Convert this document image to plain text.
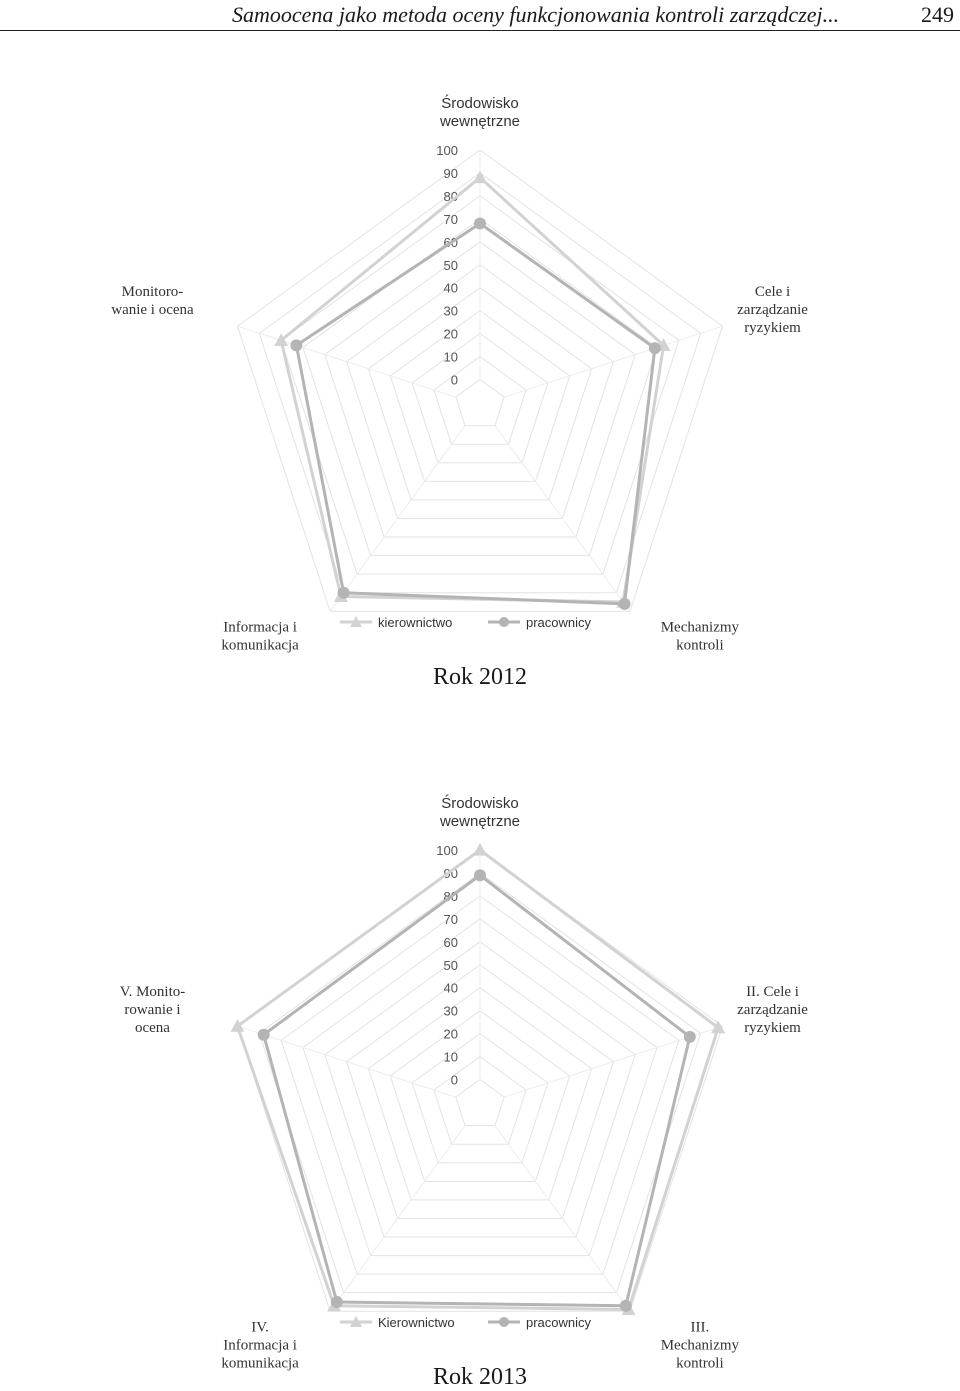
Samoocena jako metoda oceny funkcjonowania kontroli zarządczej...	249
0
10
20
30
40
50
60
70
80
90
100
Środowisko wewnętrzne
Cele i zarządzanie ryzykiem
Mechanizmy kontroli
Informacja i komunikacja
Monitoro-wanie i ocena
kierownictwo	pracownicy
Rok 2012
0
10
20
30
40
50
60
70
80
90
100
Środowisko wewnętrzne
II. Cele i zarządzanie ryzykiem
III. Mechanizmy kontroli
IV. Informacja i komunikacja
V. Monito-rowanie i ocena
Kierownictwo	pracownicy
Rok 2013
